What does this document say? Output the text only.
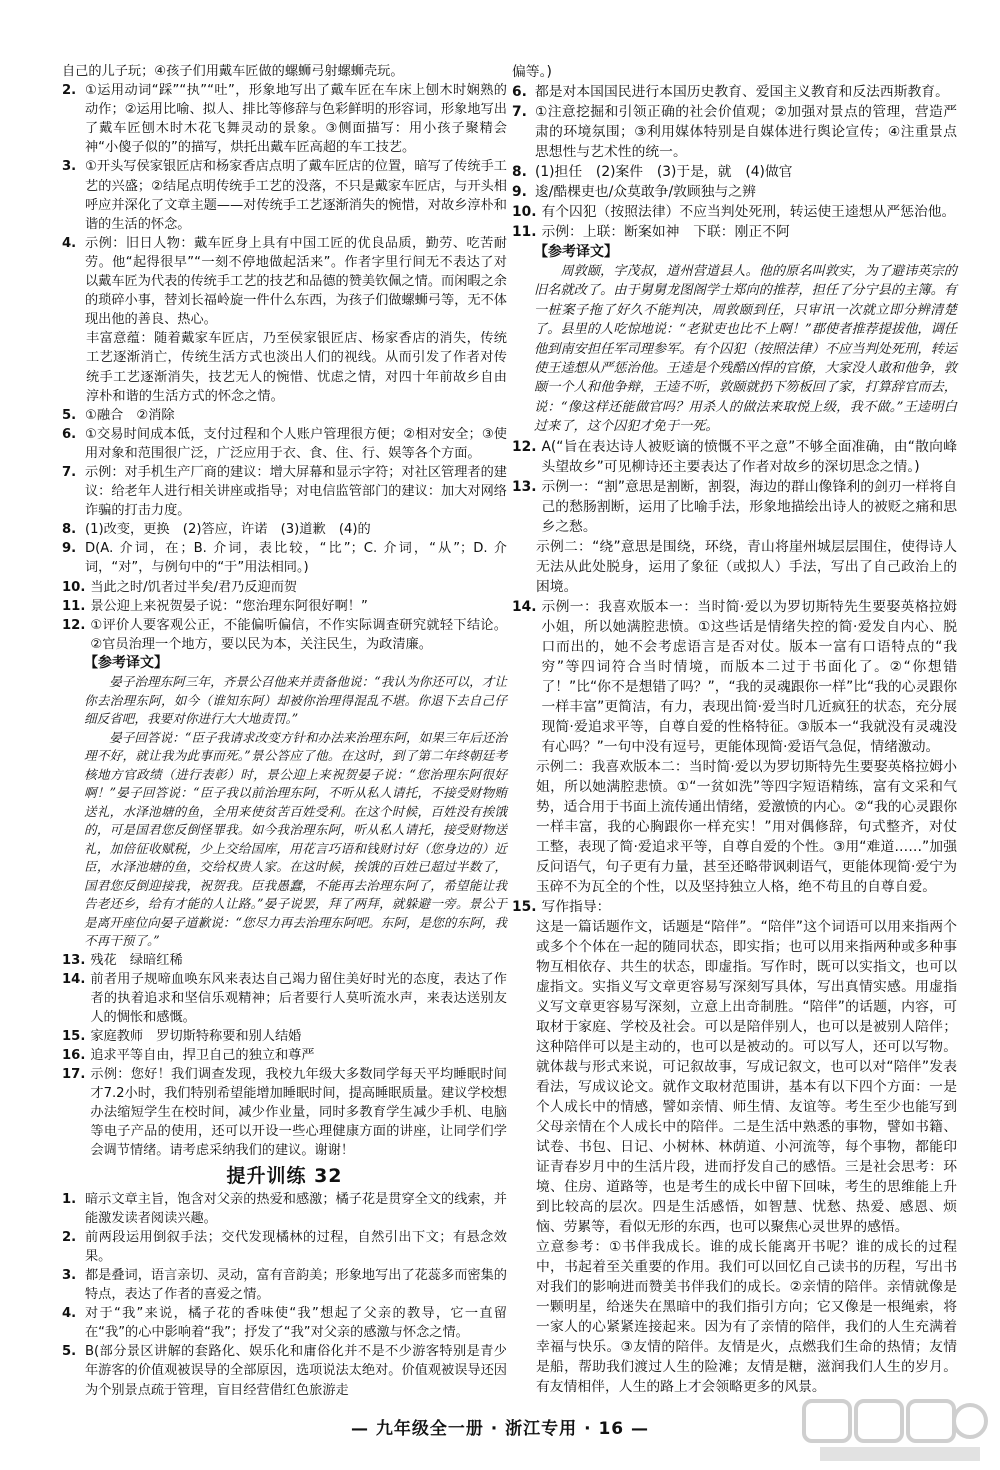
自己的儿子玩；④孩子们用戴车匠做的螺蛳弓射螺蛳壳玩。
2. ①运用动词“踩”“执”“吐”，形象地写出了戴车匠在车床上刨木时娴熟的动作；②运用比喻、拟人、排比等修辞与色彩鲜明的形容词，形象地写出了戴车匠刨木时木花飞舞灵动的景象。③侧面描写：用小孩子聚精会神“小傻子似的”的描写，烘托出戴车匠高超的车工技艺。
3. ①开头写侯家银匠店和杨家香店点明了戴车匠店的位置，暗写了传统手工艺的兴盛；②结尾点明传统手工艺的没落，不只是戴家车匠店，与开头相呼应并深化了文章主题——对传统手工艺逐渐消失的惋惜，对故乡淳朴和谐的生活的怀念。
4. 示例：旧日人物：戴车匠身上具有中国工匠的优良品质，勤劳、吃苦耐劳。他“起得很早”“一刻不停地做起活来”。作者字里行间无不表达了对以戴车匠为代表的传统手工艺的技艺和品德的赞美钦佩之情。而闲暇之余的琐碎小事，替刘长福岭旋一件什么东西，为孩子们做螺蛳弓等，无不体现出他的善良、热心。
丰富意蕴：随着戴家车匠店，乃至侯家银匠店、杨家香店的消失，传统工艺逐渐消亡，传统生活方式也淡出人们的视线。从而引发了作者对传统手工艺逐渐消失，技艺无人的惋惜、忧虑之情，对四十年前故乡自由淳朴和谐的生活方式的怀念之情。
5. ①融合　②消除
6. ①交易时间成本低，支付过程和个人账户管理很方便；②相对安全；③使用对象和范围很广泛，广泛应用于衣、食、住、行、娱等各个方面。
7. 示例：对手机生产厂商的建议：增大屏幕和显示字符；对社区管理者的建议：给老年人进行相关讲座或指导；对电信监管部门的建议：加大对网络诈骗的打击力度。
8. (1)改变，更换　(2)答应，许诺　(3)道歉　(4)的
9. D(A. 介词，在；B. 介词，表比较，“比”；C. 介词，“从”；D. 介词，“对”，与例句中的“于”用法相同。)
10. 当此之时/饥者过半矣/君乃反迎而贺
11. 景公迎上来祝贺晏子说：“您治理东阿很好啊！”
12. ①评价人要客观公正，不能偏听偏信，不作实际调查研究就轻下结论。②官员治理一个地方，要以民为本，关注民生，为政清廉。
【参考译文】
晏子治理东阿三年，齐景公召他来并责备他说：“我认为你还可以，才让你去治理东阿，如今（谁知东阿）却被你治理得混乱不堪。你退下去自己仔细反省吧，我要对你进行大大地责罚。”
晏子回答说：“臣子我请求改变方针和办法来治理东阿，如果三年后还治理不好，就让我为此事而死。”景公答应了他。在这时，到了第二年终朝廷考核地方官政绩（进行表彰）时，景公迎上来祝贺晏子说：“您治理东阿很好啊！”晏子回答说：“臣子我以前治理东阿，不听从私人请托，不接受财物贿送礼，水泽池塘的鱼，全用来使贫苦百姓受利。在这个时候，百姓没有挨饿的，可是国君您反倒怪罪我。如今我治理东阿，听从私人请托，接受财物送礼，加倍征收赋税，少上交给国库，用花言巧语和钱财讨好（您身边的）近臣，水泽池塘的鱼，交给权贵人家。在这时候，挨饿的百姓已超过半数了，国君您反倒迎接我，祝贺我。臣我愚蠢，不能再去治理东阿了，希望能让我告老还乡，给有才能的人让路。”晏子说罢，拜了两拜，就躲避一旁。景公于是离开座位向晏子道歉说：“您尽力再去治理东阿吧。东阿，是您的东阿，我不再干预了。”
13. 残花　绿暗红稀
14. 前者用子规啼血唤东风来表达自己竭力留住美好时光的态度，表达了作者的执着追求和坚信乐观精神；后者要行人莫听流水声，来表达送别友人的惆怅和感慨。
15. 家庭教师　罗切斯特称要和别人结婚
16. 追求平等自由，捍卫自己的独立和尊严
17. 示例：您好！我们调查发现，我校九年级大多数同学每天平均睡眠时间才7.2小时，我们特别希望能增加睡眠时间，提高睡眠质量。建议学校想办法缩短学生在校时间，减少作业量，同时多教育学生减少手机、电脑等电子产品的使用，还可以开设一些心理健康方面的讲座，让同学们学会调节情绪。请考虑采纳我们的建议。谢谢！
提升训练 32
1. 暗示文章主旨，饱含对父亲的热爱和感激；橘子花是贯穿全文的线索，并能激发读者阅读兴趣。
2. 前两段运用倒叙手法；交代发现橘林的过程，自然引出下文；有悬念效果。
3. 都是叠词，语言亲切、灵动，富有音韵美；形象地写出了花蕊多而密集的特点，表达了作者的喜爱之情。
4. 对于“我”来说，橘子花的香味使“我”想起了父亲的教导，它一直留在“我”的心中影响着“我”；抒发了“我”对父亲的感激与怀念之情。
5. B(部分景区讲解的套路化、娱乐化和庸俗化并不是不少游客特别是青少年游客的价值观被误导的全部原因，选项说法太绝对。价值观被误导还因为个别景点疏于管理，盲目经营借红色旅游走
偏等。)
6. 都是对本国国民进行本国历史教育、爱国主义教育和反法西斯教育。
7. ①注意挖掘和引领正确的社会价值观；②加强对景点的管理，营造严肃的环境氛围；③利用媒体特别是自媒体进行舆论宣传；④注重景点思想性与艺术性的统一。
8. (1)担任　(2)案件　(3)于是，就　(4)做官
9. 逡/酷棵吏也/众莫敢争/敦顾独与之辨
10. 有个囚犯（按照法律）不应当判处死刑，转运使王逵想从严惩治他。
11. 示例：上联：断案如神　下联：刚正不阿
【参考译文】
周敦颐，字茂叔，道州营道县人。他的原名叫敦实，为了避讳英宗的旧名就改了。由于舅舅龙图阁学士郑向的推荐，担任了分宁县的主簿。有一桩案子拖了好久不能判决，周敦颐到任，只审讯一次就立即分辨清楚了。县里的人吃惊地说：“老狱吏也比不上啊！”郡使者推荐提拔他，调任他到南安担任军司理参军。有个囚犯（按照法律）不应当判处死刑，转运使王逵想从严惩治他。王逵是个残酷凶悍的官僚，大家没人敢和他争，敦颐一个人和他争辩，王逵不听，敦颐就扔下笏板回了家，打算辞官而去，说：“像这样还能做官吗？用杀人的做法来取悦上级，我不做。”王逵明白过来了，这个囚犯才免于一死。
12. A(“旨在表达诗人被贬谪的愤慨不平之意”不够全面准确，由“散向峰头望故乡”可见柳诗还主要表达了作者对故乡的深切思念之情。)
13. 示例一：“割”意思是割断，割裂，海边的群山像锋利的剑刃一样将自己的愁肠割断，运用了比喻手法，形象地描绘出诗人的被贬之痛和思乡之愁。
示例二：“绕”意思是围绕，环绕，青山将崖州城层层围住，使得诗人无法从此处脱身，运用了象征（或拟人）手法，写出了自己政治上的困境。
14. 示例一：我喜欢版本一：当时简·爱以为罗切斯特先生要娶英格拉姆小姐，所以她满腔悲愤。①这些话是情绪失控的简·爱发自内心、脱口而出的，她不会考虑语言是否对仗。版本一富有口语特点的“我穷”等四词符合当时情境，而版本二过于书面化了。②“你想错了！”比“你不是想错了吗？”，“我的灵魂跟你一样”比“我的心灵跟你一样丰富”更简洁，有力，表现出简·爱当时几近疯狂的状态，充分展现简·爱追求平等，自尊自爱的性格特征。③版本一“我就没有灵魂没有心吗？”一句中没有逗号，更能体现简·爱语气急促，情绪激动。
示例二：我喜欢版本二：当时简·爱以为罗切斯特先生要娶英格拉姆小姐，所以她满腔悲愤。①“一贫如洗”等四字短语精练，富有文采和气势，适合用于书面上流传通出情绪，爱激愤的内心。②“我的心灵跟你一样丰富，我的心胸跟你一样充实！”用对偶修辞，句式整齐，对仗工整，表现了简·爱追求平等，自尊自爱的个性。③用“难道……”加强反问语气，句子更有力量，甚至还略带讽刺语气，更能体现简·爱宁为玉碎不为瓦全的个性，以及坚持独立人格，绝不苟且的自尊自爱。
15. 写作指导：
这是一篇话题作文，话题是“陪伴”。“陪伴”这个词语可以用来指两个或多个个体在一起的随同状态，即实指；也可以用来指两种或多种事物互相依存、共生的状态，即虚指。写作时，既可以实指文，也可以虚指文。实指义写文章更容易写深刻写具体，写出真情实感。用虚指义写文章更容易写深刻，立意上出奇制胜。“陪伴”的话题，内容，可取材于家庭、学校及社会。可以是陪伴别人，也可以是被别人陪伴；这种陪伴可以是主动的，也可以是被动的。可以写人，还可以写物。就体裁与形式来说，可记叙故事，写成记叙文，也可以对“陪伴”发表看法，写成议论文。就作文取材范围讲，基本有以下四个方面：一是个人成长中的情感，譬如亲情、师生情、友谊等。考生至少也能写到父母亲情在个人成长中的陪伴。二是生活中熟悉的事物，譬如书籍、试卷、书包、日记、小树林、林荫道、小河流等，每个事物，都能印证青春岁月中的生活片段，进而抒发自己的感悟。三是社会思考：环境、住房、道路等，也是考生的成长中留下回味，考生的思维能上升到比较高的层次。四是生活感悟，如智慧、忧愁、热爱、感恩、烦恼、劳累等，看似无形的东西，也可以聚焦心灵世界的感悟。
立意参考：①书伴我成长。谁的成长能离开书呢？谁的成长的过程中，书起着至关重要的作用。我们可以回忆自己读书的历程，写出书对我们的影响进而赞美书伴我们的成长。②亲情的陪伴。亲情就像是一颗明星，给迷失在黑暗中的我们指引方向；它又像是一根绳索，将一家人的心紧紧连接起来。因为有了亲情的陪伴，我们的人生充满着幸福与快乐。③友情的陪伴。友情是火，点燃我们生命的热情；友情是船，帮助我们渡过人生的险滩；友情是糖，滋润我们人生的岁月。有友情相伴，人生的路上才会领略更多的风景。
— 九年级全一册 · 浙江专用 · 16 —
